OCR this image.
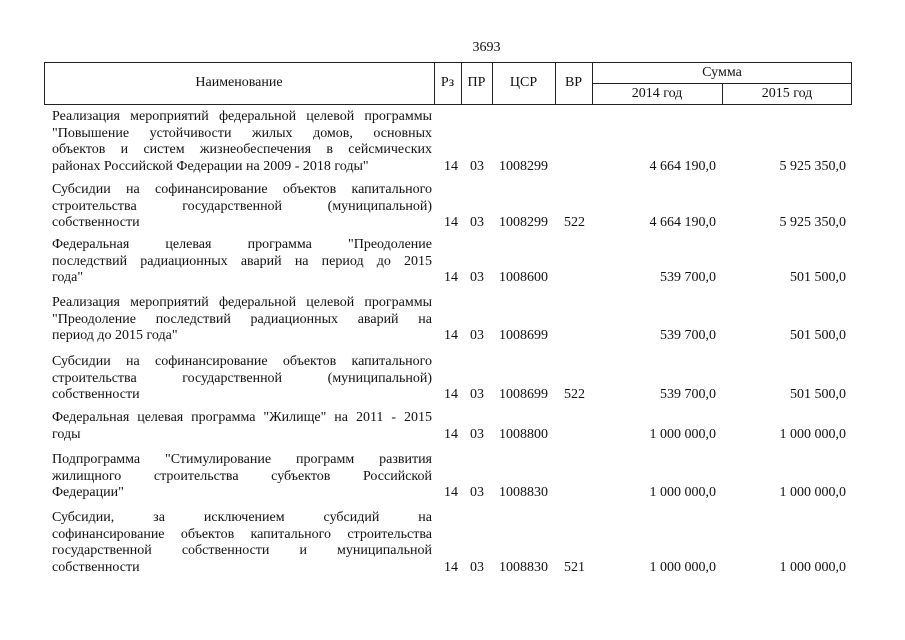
3693
Наименование	Рз ПР	ЦСР	ВР
Сумма
2014 год	2015 год
Реализация мероприятий федеральной целевой программы
"Повышение устойчивости жилых домов, основных
объектов и систем жизнеобеспечения в сейсмических
районах Российской Федерации на 2009 - 2018 годы"	14 03	1008299	4 664 190,0	5 925 350,0
Субсидии на софинансирование объектов капитального
строительства государственной (муниципальной)
собственности	14 03	1008299	522	4 664 190,0	5 925 350,0
Федеральная целевая программа "Преодоление
последствий радиационных аварий на период до 2015
года"	14 03	1008600	539 700,0	501 500,0
Реализация мероприятий федеральной целевой программы
"Преодоление последствий радиационных аварий на
период до 2015 года"	14 03	1008699	539 700,0	501 500,0
Субсидии на софинансирование объектов капитального
строительства государственной (муниципальной)
собственности	14 03	1008699	522	539 700,0	501 500,0
Федеральная целевая программа "Жилище" на 2011 - 2015
годы	14 03	1008800	1 000 000,0	1 000 000,0
Подпрограмма "Стимулирование программ развития
жилищного строительства субъектов Российской
Федерации"	14 03	1008830	1 000 000,0	1 000 000,0
Субсидии, за исключением субсидий на
софинансирование объектов капитального строительства
государственной собственности и муниципальной
собственности	14 03	1008830	521	1 000 000,0	1 000 000,0
